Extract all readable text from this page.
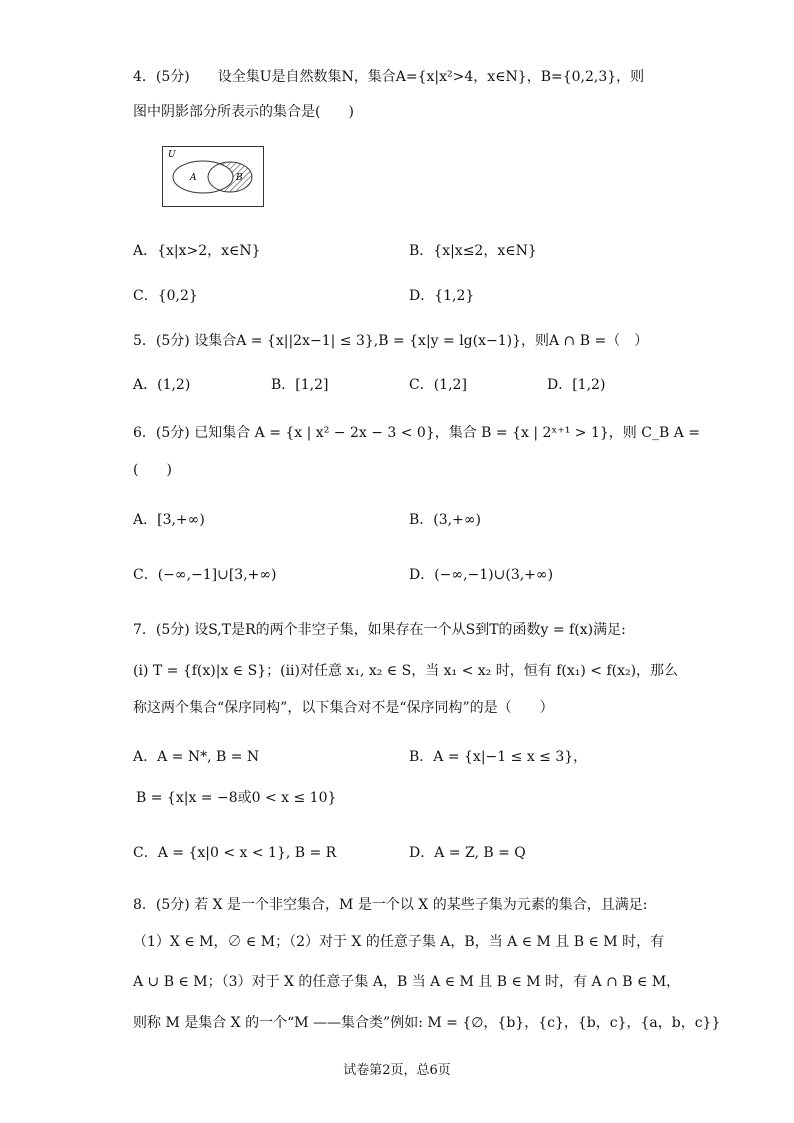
4．(5分)　　设全集U是自然数集N，集合A={x|x²>4，x∈N}，B={0,2,3}，则
图中阴影部分所表示的集合是(　　)
U
A	B
A．{x|x>2，x∈N}	B．{x|x≤2，x∈N}
C．{0,2}	D．{1,2}
5．(5分) 设集合A = {x||2x−1| ≤ 3},B = {x|y = lg(x−1)}，则A ∩ B =（　）
A．(1,2)	B．[1,2]	C．(1,2]	D．[1,2)
6．(5分) 已知集合 A = {x | x² − 2x − 3 < 0}，集合 B = {x | 2ˣ⁺¹ > 1}，则 C_B A =
(　　)
A．[3,+∞)	B．(3,+∞)
C．(−∞,−1]∪[3,+∞)	D．(−∞,−1)∪(3,+∞)
7．(5分) 设S,T是R的两个非空子集，如果存在一个从S到T的函数y = f(x)满足:
(i) T = {f(x)|x ∈ S}；(ii)对任意 x₁, x₂ ∈ S，当 x₁ < x₂ 时，恒有 f(x₁) < f(x₂)，那么
称这两个集合“保序同构”，以下集合对不是“保序同构”的是（　　）
A．A = N*, B = N	B．A = {x|−1 ≤ x ≤ 3}，
B = {x|x = −8或0 < x ≤ 10}
C．A = {x|0 < x < 1}, B = R	D．A = Z, B = Q
8．(5分) 若 X 是一个非空集合，M 是一个以 X 的某些子集为元素的集合，且满足:
（1）X ∈ M，∅ ∈ M；（2）对于 X 的任意子集 A，B，当 A ∈ M 且 B ∈ M 时，有
A ∪ B ∈ M；（3）对于 X 的任意子集 A，B 当 A ∈ M 且 B ∈ M 时，有 A ∩ B ∈ M，
则称 M 是集合 X 的一个“M ——集合类”例如: M = {∅，{b}，{c}，{b，c}，{a，b，c}}
试卷第2页，总6页
